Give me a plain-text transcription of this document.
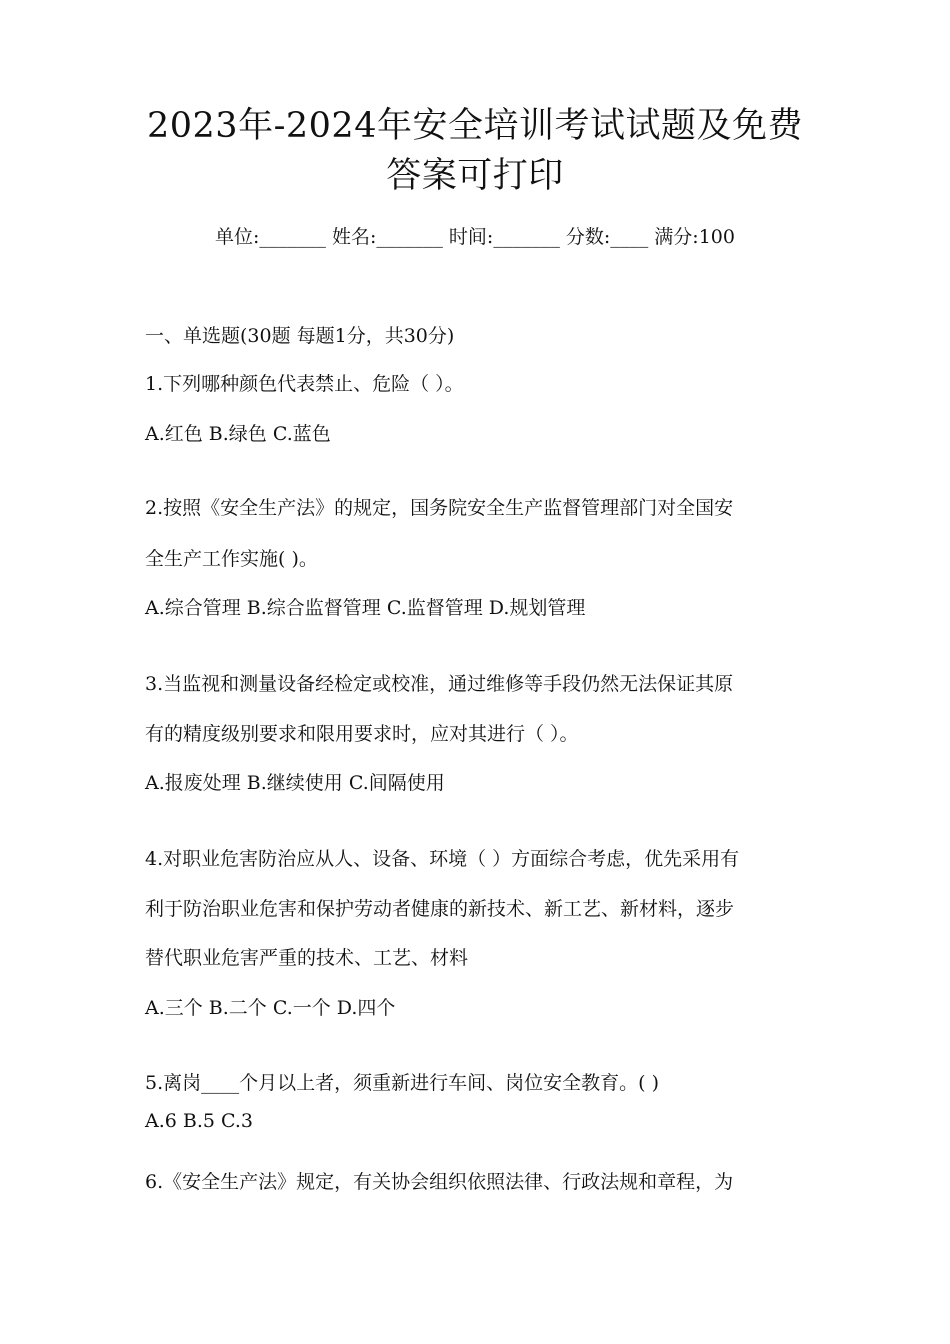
2023年-2024年安全培训考试试题及免费
答案可打印
单位:_______ 姓名:_______ 时间:_______ 分数:____ 满分:100
一、单选题(30题 每题1分，共30分)
1.下列哪种颜色代表禁止、危险（ ）。
A.红色 B.绿色 C.蓝色
2.按照《安全生产法》的规定，国务院安全生产监督管理部门对全国安
全生产工作实施( )。
A.综合管理 B.综合监督管理 C.监督管理 D.规划管理
3.当监视和测量设备经检定或校准，通过维修等手段仍然无法保证其原
有的精度级别要求和限用要求时，应对其进行（ ）。
A.报废处理 B.继续使用 C.间隔使用
4.对职业危害防治应从人、设备、环境（ ）方面综合考虑，优先采用有
利于防治职业危害和保护劳动者健康的新技术、新工艺、新材料，逐步
替代职业危害严重的技术、工艺、材料
A.三个 B.二个 C.一个 D.四个
5.离岗____个月以上者，须重新进行车间、岗位安全教育。( )
A.6 B.5 C.3
6.《安全生产法》规定，有关协会组织依照法律、行政法规和章程，为
